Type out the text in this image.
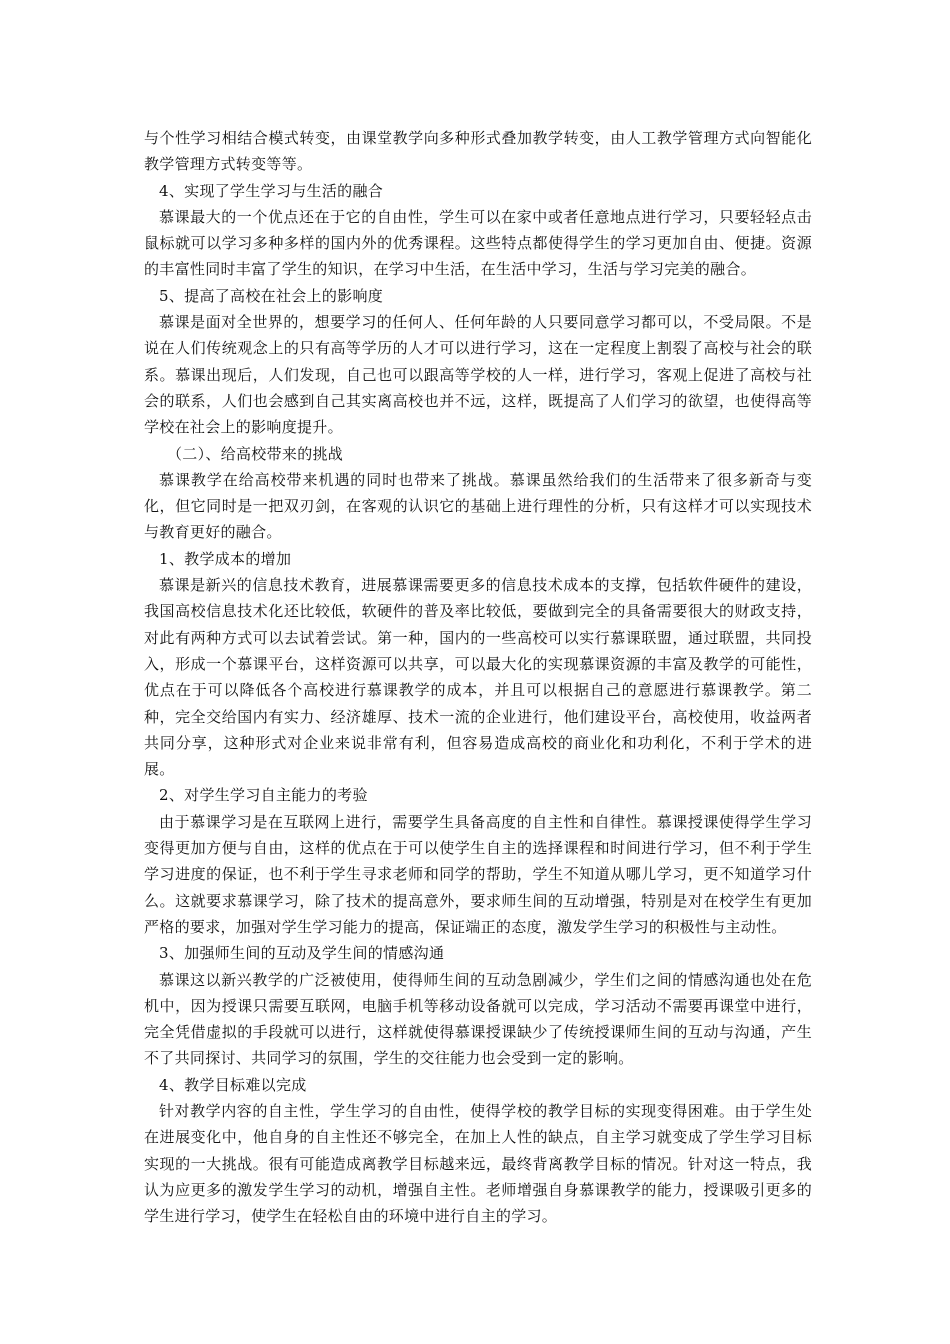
与个性学习相结合模式转变，由课堂教学向多种形式叠加教学转变，由人工教学管理方式向智能化教学管理方式转变等等。

4、实现了学生学习与生活的融合

慕课最大的一个优点还在于它的自由性，学生可以在家中或者任意地点进行学习，只要轻轻点击鼠标就可以学习多种多样的国内外的优秀课程。这些特点都使得学生的学习更加自由、便捷。资源的丰富性同时丰富了学生的知识，在学习中生活，在生活中学习，生活与学习完美的融合。

5、提高了高校在社会上的影响度

慕课是面对全世界的，想要学习的任何人、任何年龄的人只要同意学习都可以，不受局限。不是说在人们传统观念上的只有高等学历的人才可以进行学习，这在一定程度上割裂了高校与社会的联系。慕课出现后，人们发现，自己也可以跟高等学校的人一样，进行学习，客观上促进了高校与社会的联系，人们也会感到自己其实离高校也并不远，这样，既提高了人们学习的欲望，也使得高等学校在社会上的影响度提升。

（二）、给高校带来的挑战

慕课教学在给高校带来机遇的同时也带来了挑战。慕课虽然给我们的生活带来了很多新奇与变化，但它同时是一把双刃剑，在客观的认识它的基础上进行理性的分析，只有这样才可以实现技术与教育更好的融合。

1、教学成本的增加

慕课是新兴的信息技术教育，进展慕课需要更多的信息技术成本的支撑，包括软件硬件的建设，我国高校信息技术化还比较低，软硬件的普及率比较低，要做到完全的具备需要很大的财政支持，对此有两种方式可以去试着尝试。第一种，国内的一些高校可以实行慕课联盟，通过联盟，共同投入，形成一个慕课平台，这样资源可以共享，可以最大化的实现慕课资源的丰富及教学的可能性，优点在于可以降低各个高校进行慕课教学的成本，并且可以根据自己的意愿进行慕课教学。第二种，完全交给国内有实力、经济雄厚、技术一流的企业进行，他们建设平台，高校使用，收益两者共同分享，这种形式对企业来说非常有利，但容易造成高校的商业化和功利化，不利于学术的进展。

2、对学生学习自主能力的考验

由于慕课学习是在互联网上进行，需要学生具备高度的自主性和自律性。慕课授课使得学生学习变得更加方便与自由，这样的优点在于可以使学生自主的选择课程和时间进行学习，但不利于学生学习进度的保证，也不利于学生寻求老师和同学的帮助，学生不知道从哪儿学习，更不知道学习什么。这就要求慕课学习，除了技术的提高意外，要求师生间的互动增强，特别是对在校学生有更加严格的要求，加强对学生学习能力的提高，保证端正的态度，激发学生学习的积极性与主动性。

3、加强师生间的互动及学生间的情感沟通

慕课这以新兴教学的广泛被使用，使得师生间的互动急剧减少，学生们之间的情感沟通也处在危机中，因为授课只需要互联网，电脑手机等移动设备就可以完成，学习活动不需要再课堂中进行，完全凭借虚拟的手段就可以进行，这样就使得慕课授课缺少了传统授课师生间的互动与沟通，产生不了共同探讨、共同学习的氛围，学生的交往能力也会受到一定的影响。

4、教学目标难以完成

针对教学内容的自主性，学生学习的自由性，使得学校的教学目标的实现变得困难。由于学生处在进展变化中，他自身的自主性还不够完全，在加上人性的缺点，自主学习就变成了学生学习目标实现的一大挑战。很有可能造成离教学目标越来远，最终背离教学目标的情况。针对这一特点，我认为应更多的激发学生学习的动机，增强自主性。老师增强自身慕课教学的能力，授课吸引更多的学生进行学习，使学生在轻松自由的环境中进行自主的学习。
